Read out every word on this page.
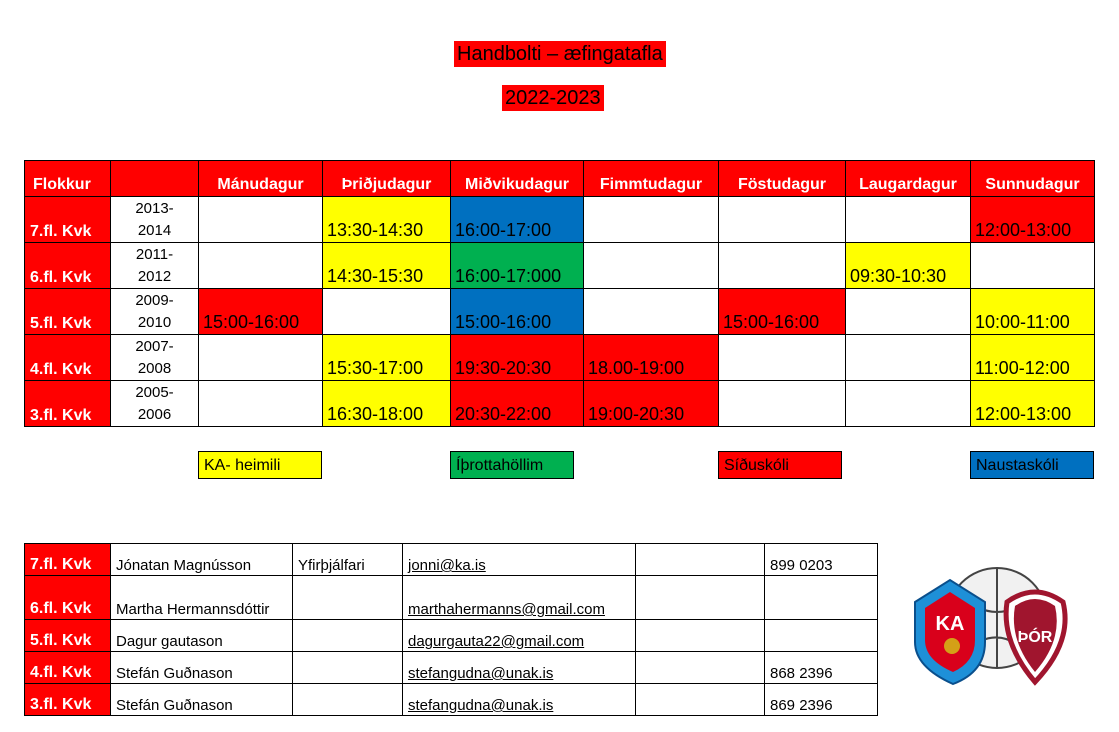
Handbolti – æfingatafla
2022-2023
Flokkur		Mánudagur	Þriðjudagur	Miðvikudagur	Fimmtudagur	Föstudagur	Laugardagur	Sunnudagur
7.fl. Kvk	2013-
2014		13:30-14:30	16:00-17:00				12:00-13:00
6.fl. Kvk	2011-
2012		14:30-15:30	16:00-17:000			09:30-10:30	
5.fl. Kvk	2009-
2010	15:00-16:00		15:00-16:00		15:00-16:00		10:00-11:00
4.fl. Kvk	2007-
2008		15:30-17:00	19:30-20:30	18.00-19:00			11:00-12:00
3.fl. Kvk	2005-
2006		16:30-18:00	20:30-22:00	19:00-20:30			12:00-13:00
KA- heimili	Íþrottahöllim	Síðuskóli	Naustaskóli
7.fl. Kvk	Jónatan Magnússon	Yfirþjálfari	jonni@ka.is		899 0203
6.fl. Kvk	Martha Hermannsdóttir		marthahermanns@gmail.com		
5.fl. Kvk	Dagur gautason		dagurgauta22@gmail.com		
4.fl. Kvk	Stefán Guðnason		stefangudna@unak.is		868 2396
3.fl. Kvk	Stefán Guðnason		stefangudna@unak.is		869 2396
KA
ÞÓR
